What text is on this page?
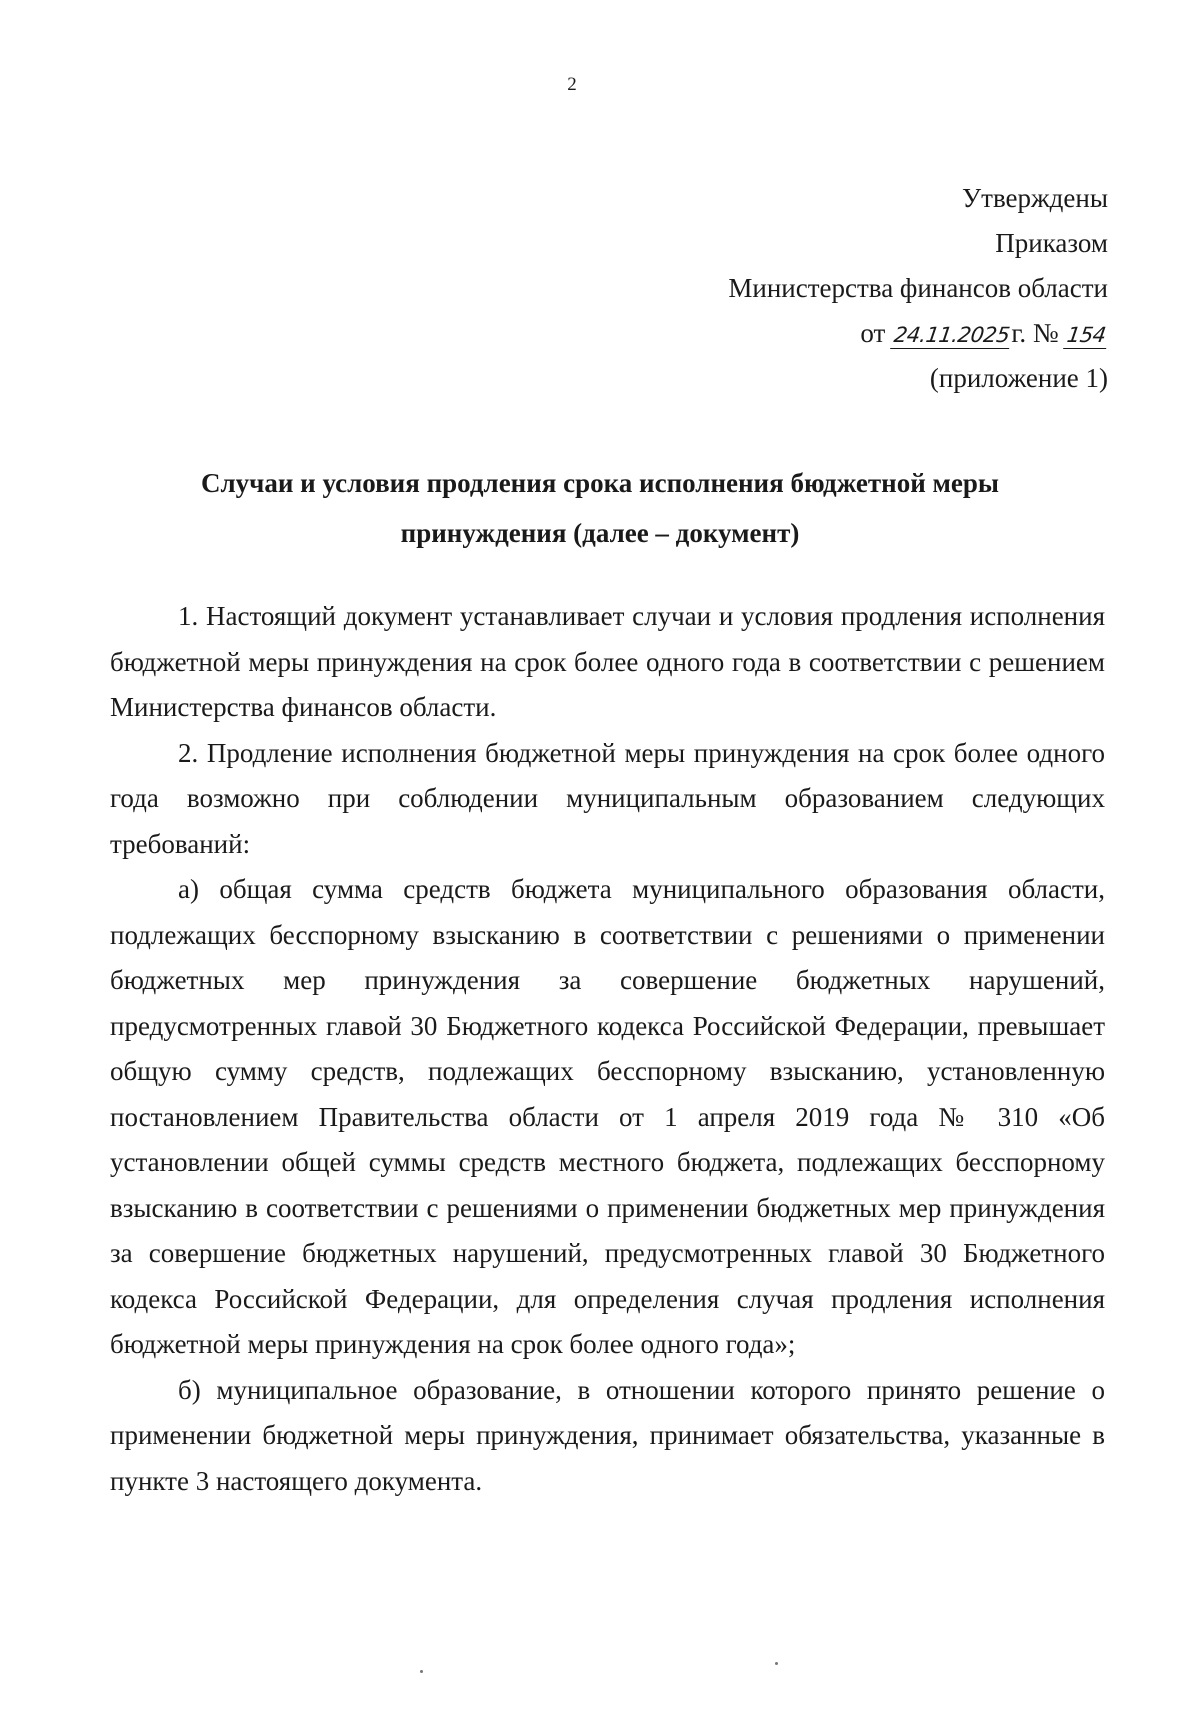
2
Утверждены
Приказом
Министерства финансов области
от 24.11.2025г. № 154
(приложение 1)
Случаи и условия продления срока исполнения бюджетной меры принуждения (далее – документ)

1. Настоящий документ устанавливает случаи и условия продления исполнения бюджетной меры принуждения на срок более одного года в соответствии с решением Министерства финансов области.

2. Продление исполнения бюджетной меры принуждения на срок более одного года возможно при соблюдении муниципальным образованием следующих требований:

а) общая сумма средств бюджета муниципального образования области, подлежащих бесспорному взысканию в соответствии с решениями о применении бюджетных мер принуждения за совершение бюджетных нарушений, предусмотренных главой 30 Бюджетного кодекса Российской Федерации, превышает общую сумму средств, подлежащих бесспорному взысканию, установленную постановлением Правительства области от 1 апреля 2019 года № 310 «Об установлении общей суммы средств местного бюджета, подлежащих бесспорному взысканию в соответствии с решениями о применении бюджетных мер принуждения за совершение бюджетных нарушений, предусмотренных главой 30 Бюджетного кодекса Российской Федерации, для определения случая продления исполнения бюджетной меры принуждения на срок более одного года»;

б) муниципальное образование, в отношении которого принято решение о применении бюджетной меры принуждения, принимает обязательства, указанные в пункте 3 настоящего документа.
